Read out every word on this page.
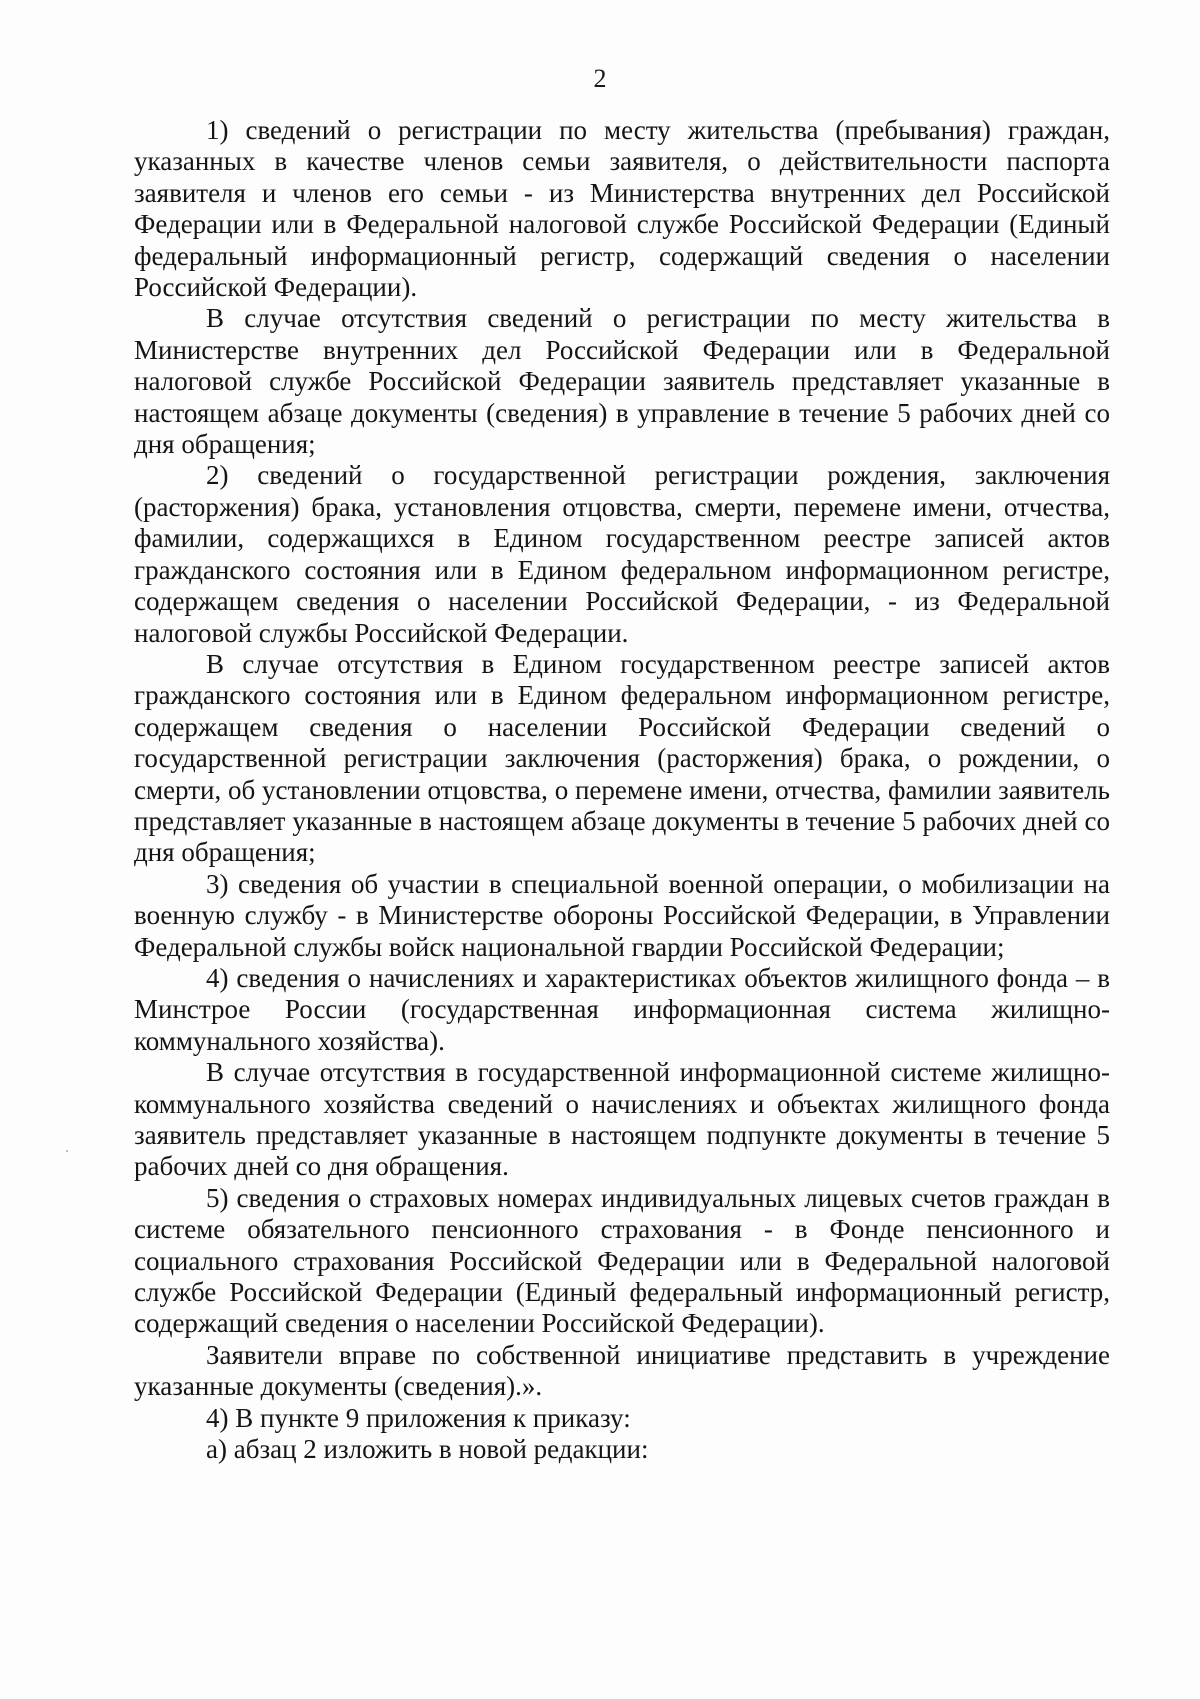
2

1) сведений о регистрации по месту жительства (пребывания) граждан, указанных в качестве членов семьи заявителя, о действительности паспорта заявителя и членов его семьи - из Министерства внутренних дел Российской Федерации или в Федеральной налоговой службе Российской Федерации (Единый федеральный информационный регистр, содержащий сведения о населении Российской Федерации).

В случае отсутствия сведений о регистрации по месту жительства в Министерстве внутренних дел Российской Федерации или в Федеральной налоговой службе Российской Федерации заявитель представляет указанные в настоящем абзаце документы (сведения) в управление в течение 5 рабочих дней со дня обращения;

2) сведений о государственной регистрации рождения, заключения (расторжения) брака, установления отцовства, смерти, перемене имени, отчества, фамилии, содержащихся в Едином государственном реестре записей актов гражданского состояния или в Едином федеральном информационном регистре, содержащем сведения о населении Российской Федерации, - из Федеральной налоговой службы Российской Федерации.

В случае отсутствия в Едином государственном реестре записей актов гражданского состояния или в Едином федеральном информационном регистре, содержащем сведения о населении Российской Федерации сведений о государственной регистрации заключения (расторжения) брака, о рождении, о смерти, об установлении отцовства, о перемене имени, отчества, фамилии заявитель представляет указанные в настоящем абзаце документы в течение 5 рабочих дней со дня обращения;

3) сведения об участии в специальной военной операции, о мобилизации на военную службу - в Министерстве обороны Российской Федерации, в Управлении Федеральной службы войск национальной гвардии Российской Федерации;

4) сведения о начислениях и характеристиках объектов жилищного фонда – в Минстрое России (государственная информационная система жилищно-коммунального хозяйства).

В случае отсутствия в государственной информационной системе жилищно-коммунального хозяйства сведений о начислениях и объектах жилищного фонда заявитель представляет указанные в настоящем подпункте документы в течение 5 рабочих дней со дня обращения.

5) сведения о страховых номерах индивидуальных лицевых счетов граждан в системе обязательного пенсионного страхования - в Фонде пенсионного и социального страхования Российской Федерации или в Федеральной налоговой службе Российской Федерации (Единый федеральный информационный регистр, содержащий сведения о населении Российской Федерации).

Заявители вправе по собственной инициативе представить в учреждение указанные документы (сведения).».

4) В пункте 9 приложения к приказу:

а) абзац 2 изложить в новой редакции:
